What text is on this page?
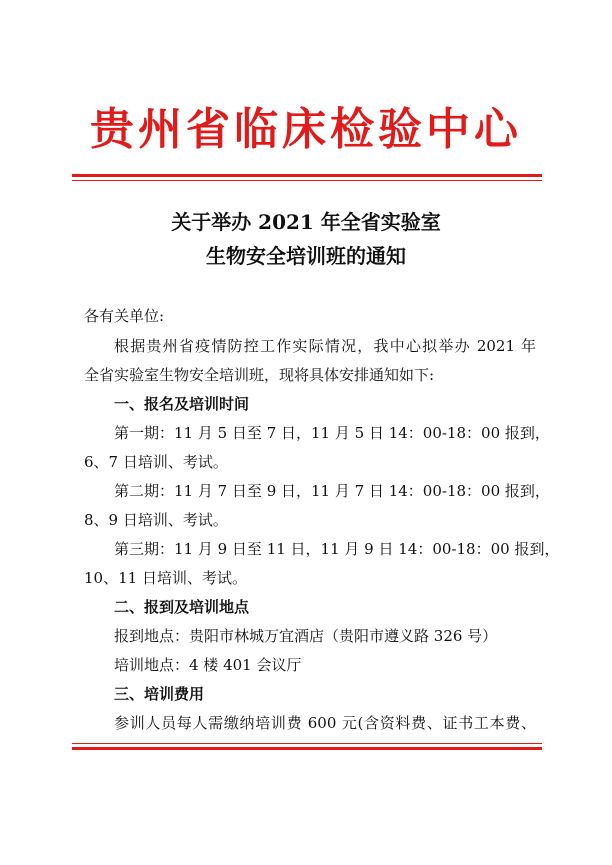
贵州省临床检验中心
关于举办 2021 年全省实验室
生物安全培训班的通知

各有关单位:

根据贵州省疫情防控工作实际情况，我中心拟举办 2021 年

全省实验室生物安全培训班，现将具体安排通知如下:

一、报名及培训时间

第一期：11 月 5 日至 7 日，11 月 5 日 14：00-18：00 报到，

6、7 日培训、考试。

第二期：11 月 7 日至 9 日，11 月 7 日 14：00-18：00 报到，

8、9 日培训、考试。

第三期：11 月 9 日至 11 日，11 月 9 日 14：00-18：00 报到，

10、11 日培训、考试。

二、报到及培训地点

报到地点：贵阳市林城万宜酒店（贵阳市遵义路 326 号）

培训地点：4 楼 401 会议厅

三、培训费用

参训人员每人需缴纳培训费 600 元(含资料费、证书工本费、
